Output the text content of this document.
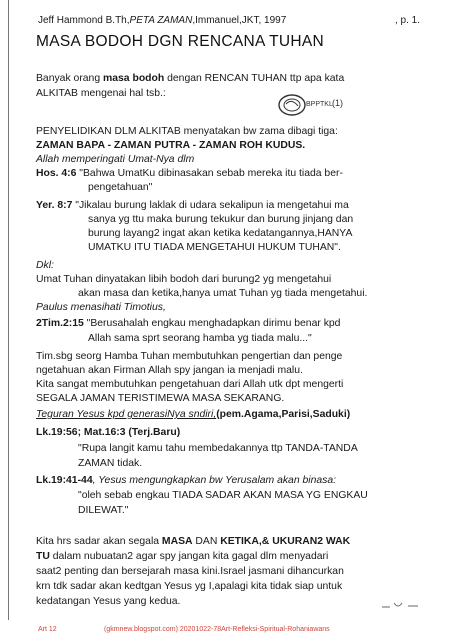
Jeff Hammond B.Th,PETA ZAMAN,Immanuel,JKT, 1997	, p. 1.
MASA BODOH DGN RENCANA TUHAN
Banyak orang masa bodoh dengan RENCAN TUHAN ttp apa kata
ALKITAB mengenai hal tsb.:
BPPTKL (1)
PENYELIDIKAN DLM ALKITAB menyatakan bw zama dibagi tiga:
ZAMAN BAPA - ZAMAN PUTRA - ZAMAN ROH KUDUS.
Allah memperingati Umat-Nya dlm
Hos. 4:6 "Bahwa UmatKu dibinasakan sebab mereka itu tiada ber-
pengetahuan"
Yer. 8:7 "Jikalau burung laklak di udara sekalipun ia mengetahui ma
sanya yg ttu maka burung tekukur dan burung jinjang dan
burung layang2 ingat akan ketika kedatangannya,HANYA
UMATKU ITU TIADA MENGETAHUI HUKUM TUHAN".
Dkl:
Umat Tuhan dinyatakan libih bodoh dari burung2 yg mengetahui
akan masa dan ketika,hanya umat Tuhan yg tiada mengetahui.
Paulus menasihati Timotius,
2Tim.2:15 "Berusahalah engkau menghadapkan dirimu benar kpd
Allah sama sprt seorang hamba yg tiada malu..."
Tim.sbg seorg Hamba Tuhan membutuhkan pengertian dan penge
ngetahuan akan Firman Allah spy jangan ia menjadi malu.
Kita sangat membutuhkan pengetahuan dari Allah utk dpt mengerti
SEGALA JAMAN TERISTIMEWA MASA SEKARANG.
Teguran Yesus kpd generasiNya sndiri,(pem.Agama,Parisi,Saduki)
Lk.19:56; Mat.16:3 (Terj.Baru)
"Rupa langit kamu tahu membedakannya ttp TANDA-TANDA
ZAMAN tidak.
Lk.19:41-44, Yesus mengungkapkan bw Yerusalam akan binasa:
"oleh sebab engkau TIADA SADAR AKAN MASA YG ENGKAU
DILEWAT."
Kita hrs sadar akan segala MASA DAN KETIKA,& UKURAN2 WAK
TU dalam nubuatan2 agar spy jangan kita gagal dlm menyadari
saat2 penting dan bersejarah masa kini.Israel jasmani dihancurkan
krn tdk sadar akan kedtgan Yesus yg I,apalagi kita tidak siap untuk
kedatangan Yesus yang kedua.
Art 12	(gkmnew.blogspot.com) 20201022-78Art-Refleksi-Spiritual-Rohaniawans
